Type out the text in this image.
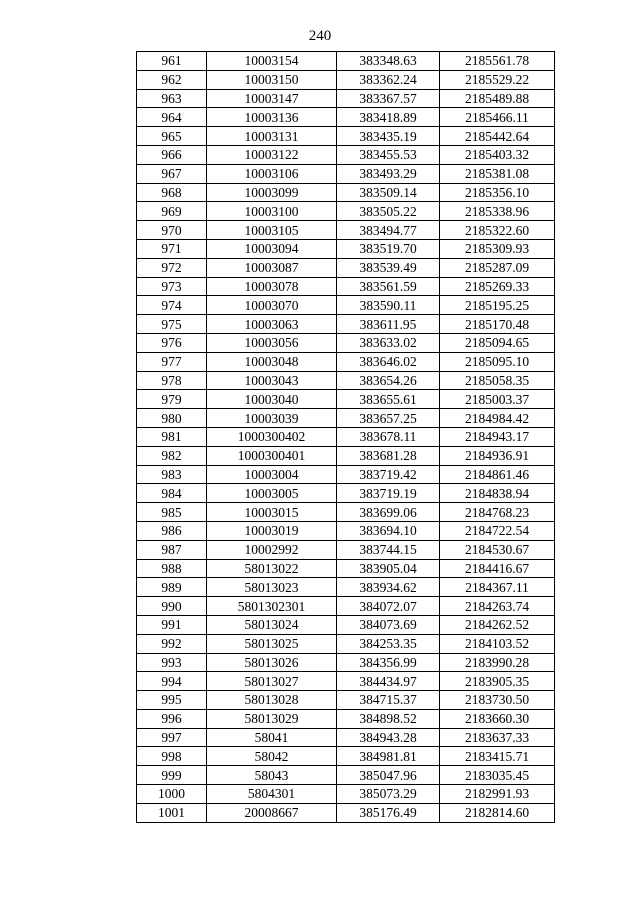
240
961	10003154	383348.63	2185561.78
962	10003150	383362.24	2185529.22
963	10003147	383367.57	2185489.88
964	10003136	383418.89	2185466.11
965	10003131	383435.19	2185442.64
966	10003122	383455.53	2185403.32
967	10003106	383493.29	2185381.08
968	10003099	383509.14	2185356.10
969	10003100	383505.22	2185338.96
970	10003105	383494.77	2185322.60
971	10003094	383519.70	2185309.93
972	10003087	383539.49	2185287.09
973	10003078	383561.59	2185269.33
974	10003070	383590.11	2185195.25
975	10003063	383611.95	2185170.48
976	10003056	383633.02	2185094.65
977	10003048	383646.02	2185095.10
978	10003043	383654.26	2185058.35
979	10003040	383655.61	2185003.37
980	10003039	383657.25	2184984.42
981	1000300402	383678.11	2184943.17
982	1000300401	383681.28	2184936.91
983	10003004	383719.42	2184861.46
984	10003005	383719.19	2184838.94
985	10003015	383699.06	2184768.23
986	10003019	383694.10	2184722.54
987	10002992	383744.15	2184530.67
988	58013022	383905.04	2184416.67
989	58013023	383934.62	2184367.11
990	5801302301	384072.07	2184263.74
991	58013024	384073.69	2184262.52
992	58013025	384253.35	2184103.52
993	58013026	384356.99	2183990.28
994	58013027	384434.97	2183905.35
995	58013028	384715.37	2183730.50
996	58013029	384898.52	2183660.30
997	58041	384943.28	2183637.33
998	58042	384981.81	2183415.71
999	58043	385047.96	2183035.45
1000	5804301	385073.29	2182991.93
1001	20008667	385176.49	2182814.60
